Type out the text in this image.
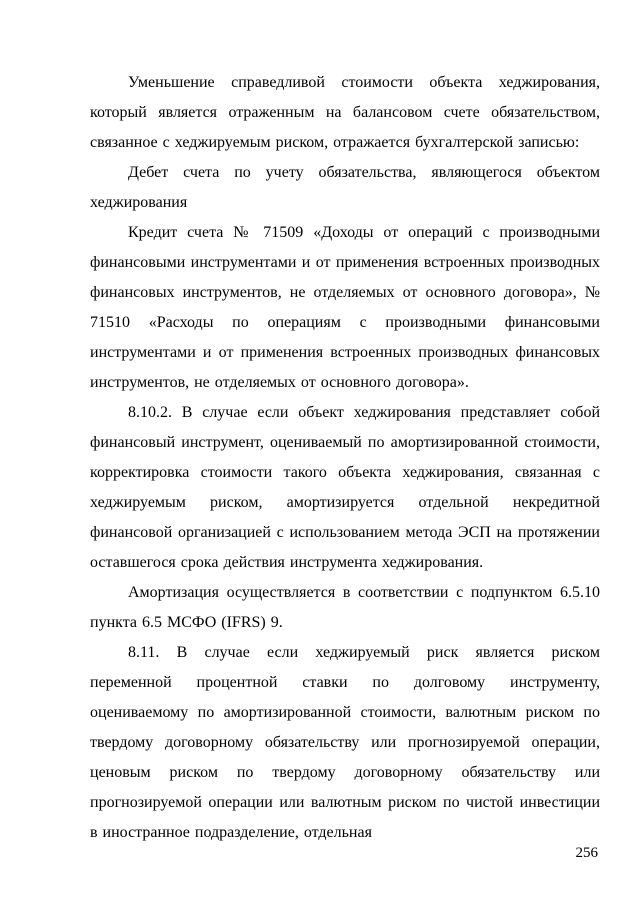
Уменьшение справедливой стоимости объекта хеджирования, который является отраженным на балансовом счете обязательством, связанное с хеджируемым риском, отражается бухгалтерской записью:

Дебет счета по учету обязательства, являющегося объектом хеджирования

Кредит счета № 71509 «Доходы от операций с производными финансовыми инструментами и от применения встроенных производных финансовых инструментов, не отделяемых от основного договора», № 71510 «Расходы по операциям с производными финансовыми инструментами и от применения встроенных производных финансовых инструментов, не отделяемых от основного договора».

8.10.2. В случае если объект хеджирования представляет собой финансовый инструмент, оцениваемый по амортизированной стоимости, корректировка стоимости такого объекта хеджирования, связанная с хеджируемым риском, амортизируется отдельной некредитной финансовой организацией с использованием метода ЭСП на протяжении оставшегося срока действия инструмента хеджирования.

Амортизация осуществляется в соответствии с подпунктом 6.5.10 пункта 6.5 МСФО (IFRS) 9.

8.11. В случае если хеджируемый риск является риском переменной процентной ставки по долговому инструменту, оцениваемому по амортизированной стоимости, валютным риском по твердому договорному обязательству или прогнозируемой операции, ценовым риском по твердому договорному обязательству или прогнозируемой операции или валютным риском по чистой инвестиции в иностранное подразделение, отдельная

256
